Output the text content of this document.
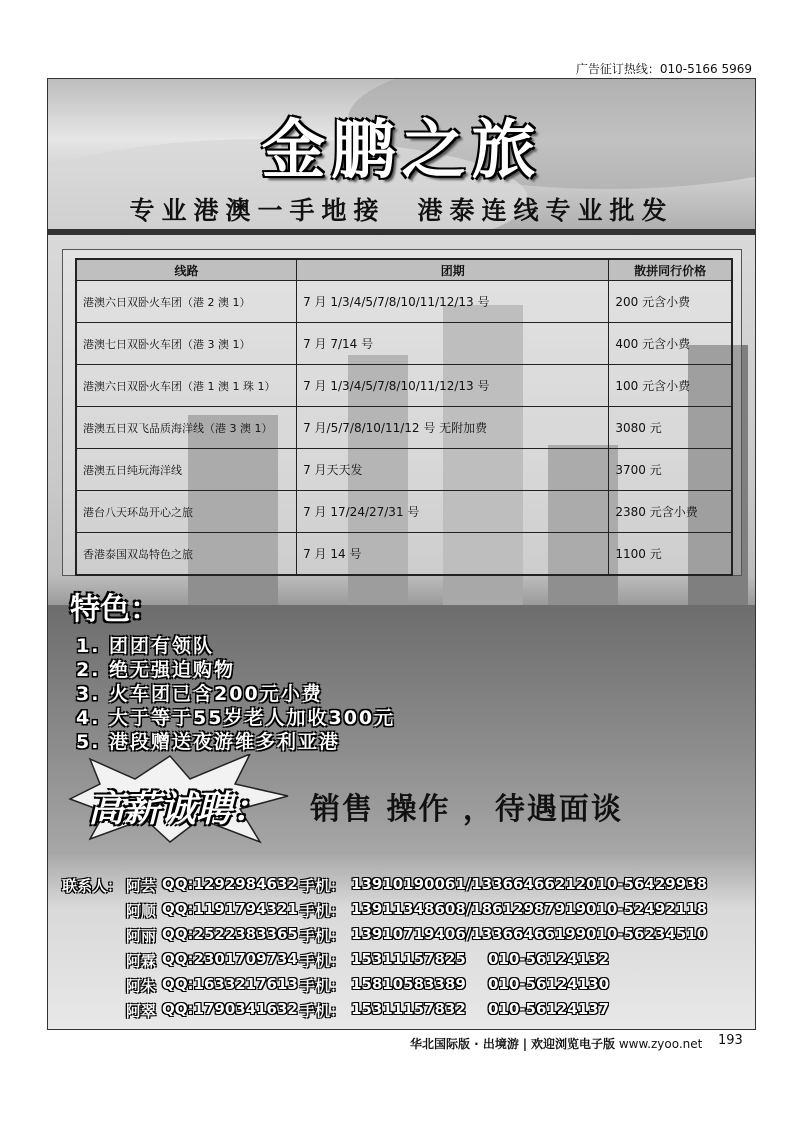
广告征订热线：010-5166 5969
金鹏之旅
专业港澳一手地接　港泰连线专业批发
线路	团期	散拼同行价格
港澳六日双卧火车团（港 2 澳 1）	7 月 1/3/4/5/7/8/10/11/12/13 号	200 元含小费
港澳七日双卧火车团（港 3 澳 1）	7 月 7/14 号	400 元含小费
港澳六日双卧火车团（港 1 澳 1 珠 1）	7 月 1/3/4/5/7/8/10/11/12/13 号	100 元含小费
港澳五日双飞品质海洋线（港 3 澳 1）	7 月/5/7/8/10/11/12 号 无附加费	3080 元
港澳五日纯玩海洋线	7 月天天发	3700 元
港台八天环岛开心之旅	7 月 17/24/27/31 号	2380 元含小费
香港泰国双岛特色之旅	7 月 14 号	1100 元
特色：
1. 团团有领队
2. 绝无强迫购物
3. 火车团已含200元小费
4. 大于等于55岁老人加收300元
5. 港段赠送夜游维多利亚港
高薪诚聘： 销售 操作 ，待遇面谈
联系人： 阿芸 QQ:1292984632 手机： 13910190061/13366466212 010-56429938
阿顺 QQ:1191794321 手机： 13911348608/18612987919 010-52492118
阿丽 QQ:2522383365 手机： 13910719406/13366466199 010-56234510
阿霖 QQ:2301709734 手机： 15311157825 010-56124132
阿朱 QQ:1633217613 手机： 15810583389 010-56124130
阿翠 QQ:1790341632 手机： 15311157832 010-56124137
华北国际版 · 出境游 | 欢迎浏览电子版 www.zyoo.net 193
